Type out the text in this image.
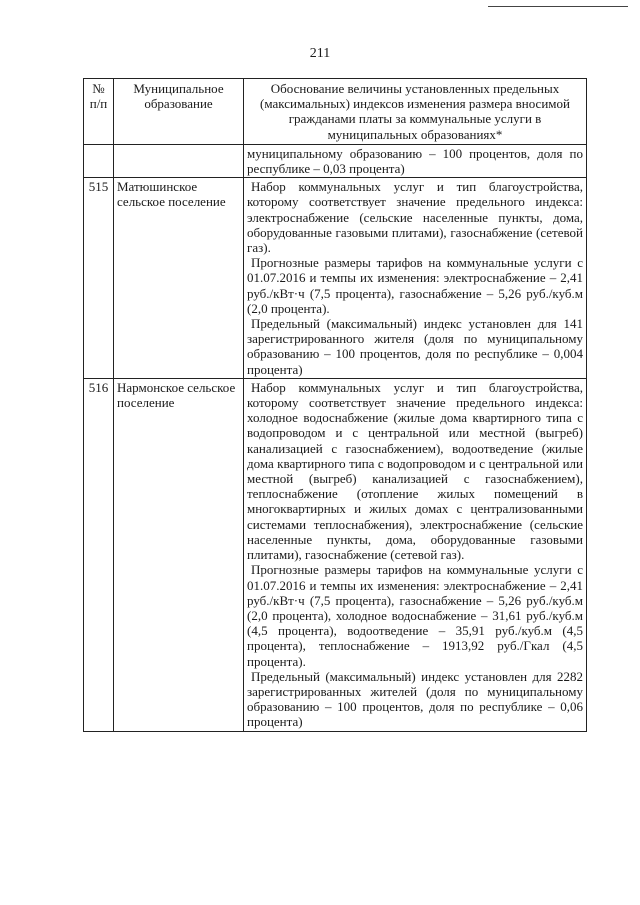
211
№ п/п	Муниципальное образование	Обоснование величины установленных предельных (максимальных) индексов изменения размера вносимой гражданами платы за коммунальные услуги в муниципальных образованиях*

		муниципальному образованию – 100 процентов, доля по республике – 0,03 процента)

515	Матюшинское сельское поселение	Набор коммунальных услуг и тип благоустройства, которому соответствует значение предельного индекса: электроснабжение (сельские населенные пункты, дома, оборудованные газовыми плитами), газоснабжение (сетевой газ).

Прогнозные размеры тарифов на коммунальные услуги с 01.07.2016 и темпы их изменения: электроснабжение – 2,41 руб./кВт·ч (7,5 процента), газоснабжение – 5,26 руб./куб.м (2,0 процента).

Предельный (максимальный) индекс установлен для 141 зарегистрированного жителя (доля по муниципальному образованию – 100 процентов, доля по республике – 0,004 процента)

516	Нармонское сельское поселение	Набор коммунальных услуг и тип благоустройства, которому соответствует значение предельного индекса: холодное водоснабжение (жилые дома квартирного типа с водопроводом и с центральной или местной (выгреб) канализацией с газоснабжением), водоотведение (жилые дома квартирного типа с водопроводом и с центральной или местной (выгреб) канализацией с газоснабжением), теплоснабжение (отопление жилых помещений в многоквартирных и жилых домах с централизованными системами теплоснабжения), электроснабжение (сельские населенные пункты, дома, оборудованные газовыми плитами), газоснабжение (сетевой газ).

Прогнозные размеры тарифов на коммунальные услуги с 01.07.2016 и темпы их изменения: электроснабжение – 2,41 руб./кВт·ч (7,5 процента), газоснабжение – 5,26 руб./куб.м (2,0 процента), холодное водоснабжение – 31,61 руб./куб.м (4,5 процента), водоотведение – 35,91 руб./куб.м (4,5 процента), теплоснабжение – 1913,92 руб./Гкал (4,5 процента).

Предельный (максимальный) индекс установлен для 2282 зарегистрированных жителей (доля по муниципальному образованию – 100 процентов, доля по республике – 0,06 процента)
